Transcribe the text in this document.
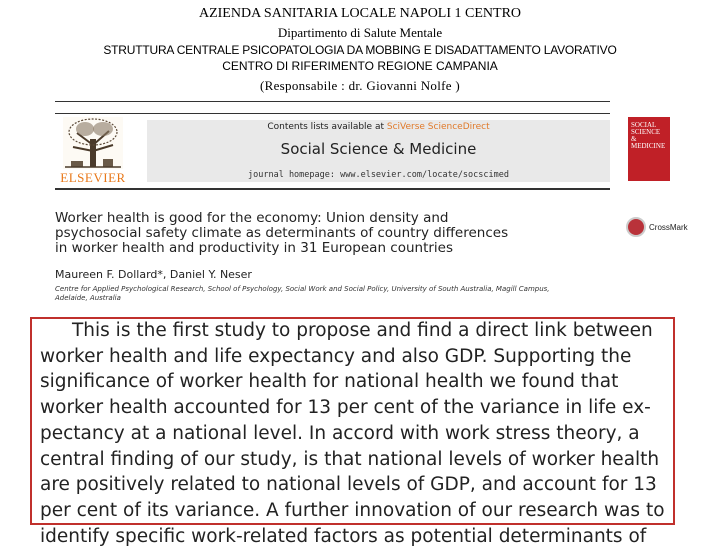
AZIENDA SANITARIA LOCALE NAPOLI 1 CENTRO
Dipartimento di Salute Mentale
STRUTTURA CENTRALE PSICOPATOLOGIA DA MOBBING E DISADATTAMENTO LAVORATIVO
CENTRO DI RIFERIMENTO REGIONE CAMPANIA
(Responsabile : dr. Giovanni Nolfe )
ELSEVIER
Contents lists available at SciVerse ScienceDirect
Social Science & Medicine
journal homepage: www.elsevier.com/locate/socscimed
SOCIAL
SCIENCE
&
MEDICINE
Worker health is good for the economy: Union density and
psychosocial safety climate as determinants of country differences
in worker health and productivity in 31 European countries
CrossMark
Maureen F. Dollard*, Daniel Y. Neser
Centre for Applied Psychological Research, School of Psychology, Social Work and Social Policy, University of South Australia, Magill Campus, Adelaide, Australia
This is the first study to propose and find a direct link between
worker health and life expectancy and also GDP. Supporting the
significance of worker health for national health we found that
worker health accounted for 13 per cent of the variance in life ex-
pectancy at a national level. In accord with work stress theory, a
central finding of our study, is that national levels of worker health
are positively related to national levels of GDP, and account for 13
per cent of its variance. A further innovation of our research was to
identify specific work-related factors as potential determinants of
